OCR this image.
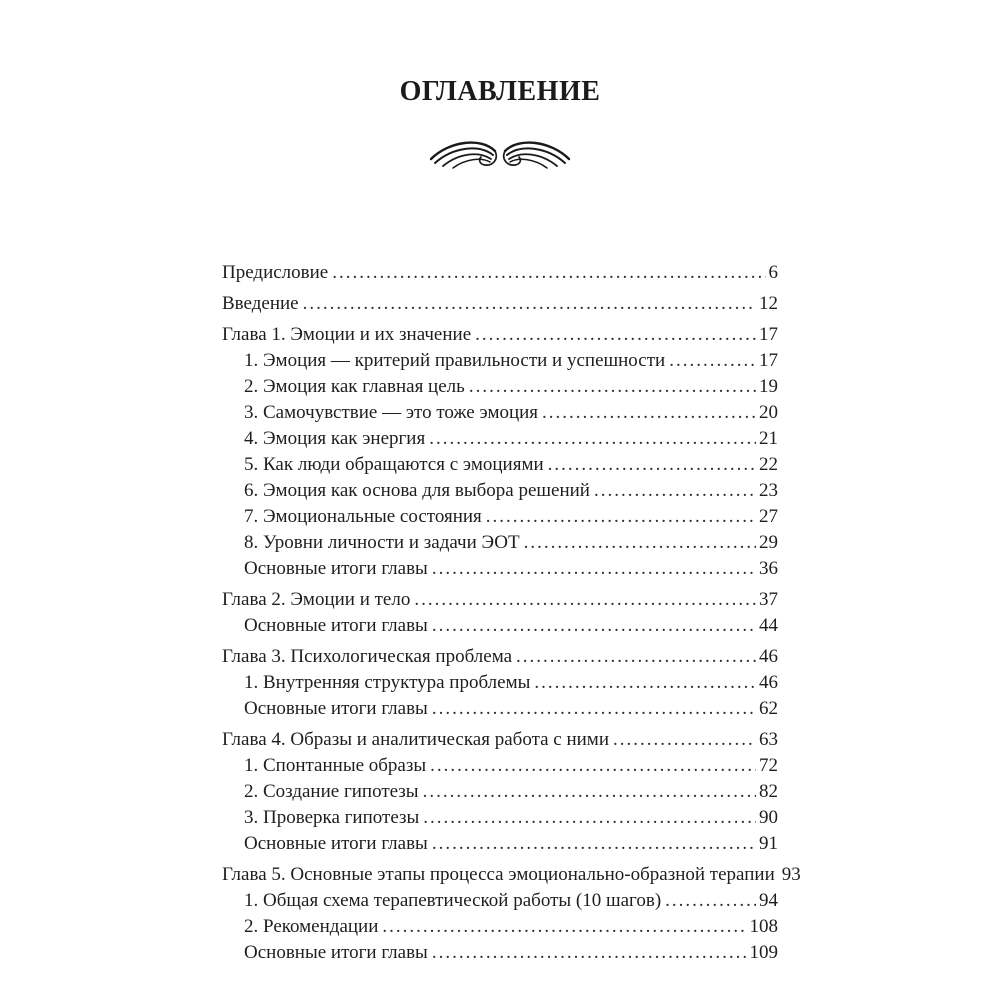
ОГЛАВЛЕНИЕ
Предисловие .....	6
Введение .....	12
Глава 1. Эмоции и их значение .....	17
1. Эмоция — критерий правильности и успешности .....	17
2. Эмоция как главная цель .....	19
3. Самочувствие — это тоже эмоция .....	20
4. Эмоция как энергия .....	21
5. Как люди обращаются с эмоциями .....	22
6. Эмоция как основа для выбора решений .....	23
7. Эмоциональные состояния .....	27
8. Уровни личности и задачи ЭОТ .....	29
Основные итоги главы .....	36
Глава 2. Эмоции и тело .....	37
Основные итоги главы .....	44
Глава 3. Психологическая проблема .....	46
1. Внутренняя структура проблемы .....	46
Основные итоги главы .....	62
Глава 4. Образы и аналитическая работа с ними .....	63
1. Спонтанные образы .....	72
2. Создание гипотезы .....	82
3. Проверка гипотезы .....	90
Основные итоги главы .....	91
Глава 5. Основные этапы процесса эмоционально-образной терапии 93
1. Общая схема терапевтической работы (10 шагов) .....	94
2. Рекомендации .....	108
Основные итоги главы .....	109
